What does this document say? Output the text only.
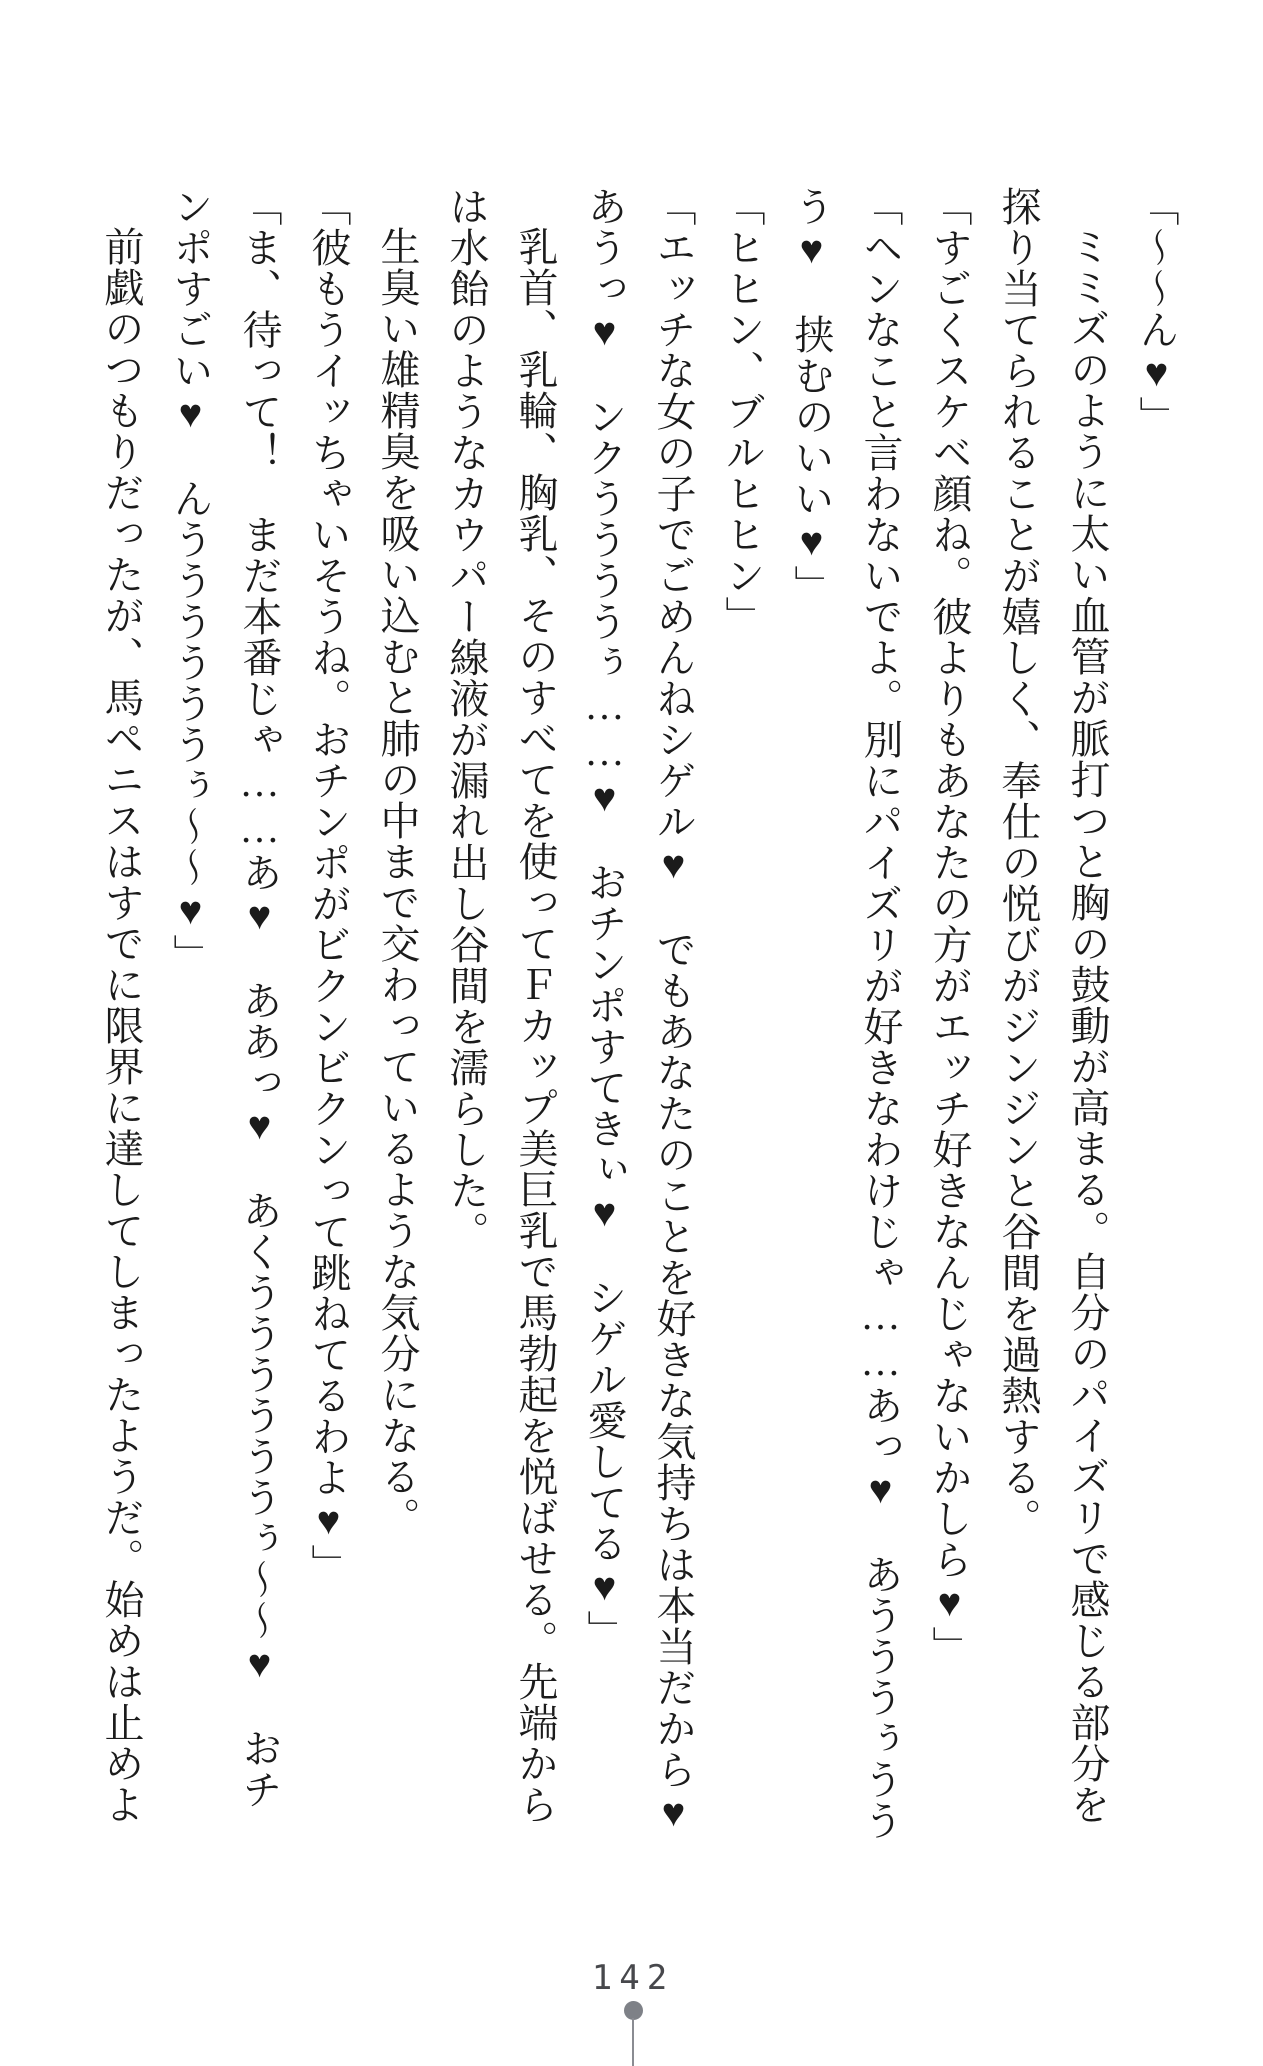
「〜〜ん♥」

ミミズのように太い血管が脈打つと胸の鼓動が高まる。自分のパイズリで感じる部分を

探り当てられることが嬉しく、奉仕の悦びがジンジンと谷間を過熱する。

「すごくスケベ顔ね。彼よりもあなたの方がエッチ好きなんじゃないかしら♥」

「ヘンなこと言わないでよ。別にパイズリが好きなわけじゃ……あっ♥　あうううぅうう

う♥　挟むのいい♥」

「ヒヒン、ブルヒヒン」

「エッチな女の子でごめんねシゲル♥　でもあなたのことを好きな気持ちは本当だから♥

あうっ♥　ンクううううぅ……♥　おチンポすてきぃ♥　シゲル愛してる♥」

乳首、乳輪、胸乳、そのすべてを使ってＦカップ美巨乳で馬勃起を悦ばせる。先端から

は水飴のようなカウパー線液が漏れ出し谷間を濡らした。

生臭い雄精臭を吸い込むと肺の中まで交わっているような気分になる。

「彼もうイッちゃいそうね。おチンポがビクンビクンって跳ねてるわよ♥」

「ま、待って！　まだ本番じゃ……あ♥　ああっ♥　あくううううううぅ〜〜♥　おチ

ンポすごい♥　んううううううぅ〜〜♥」

前戯のつもりだったが、馬ペニスはすでに限界に達してしまったようだ。始めは止めよ

142
